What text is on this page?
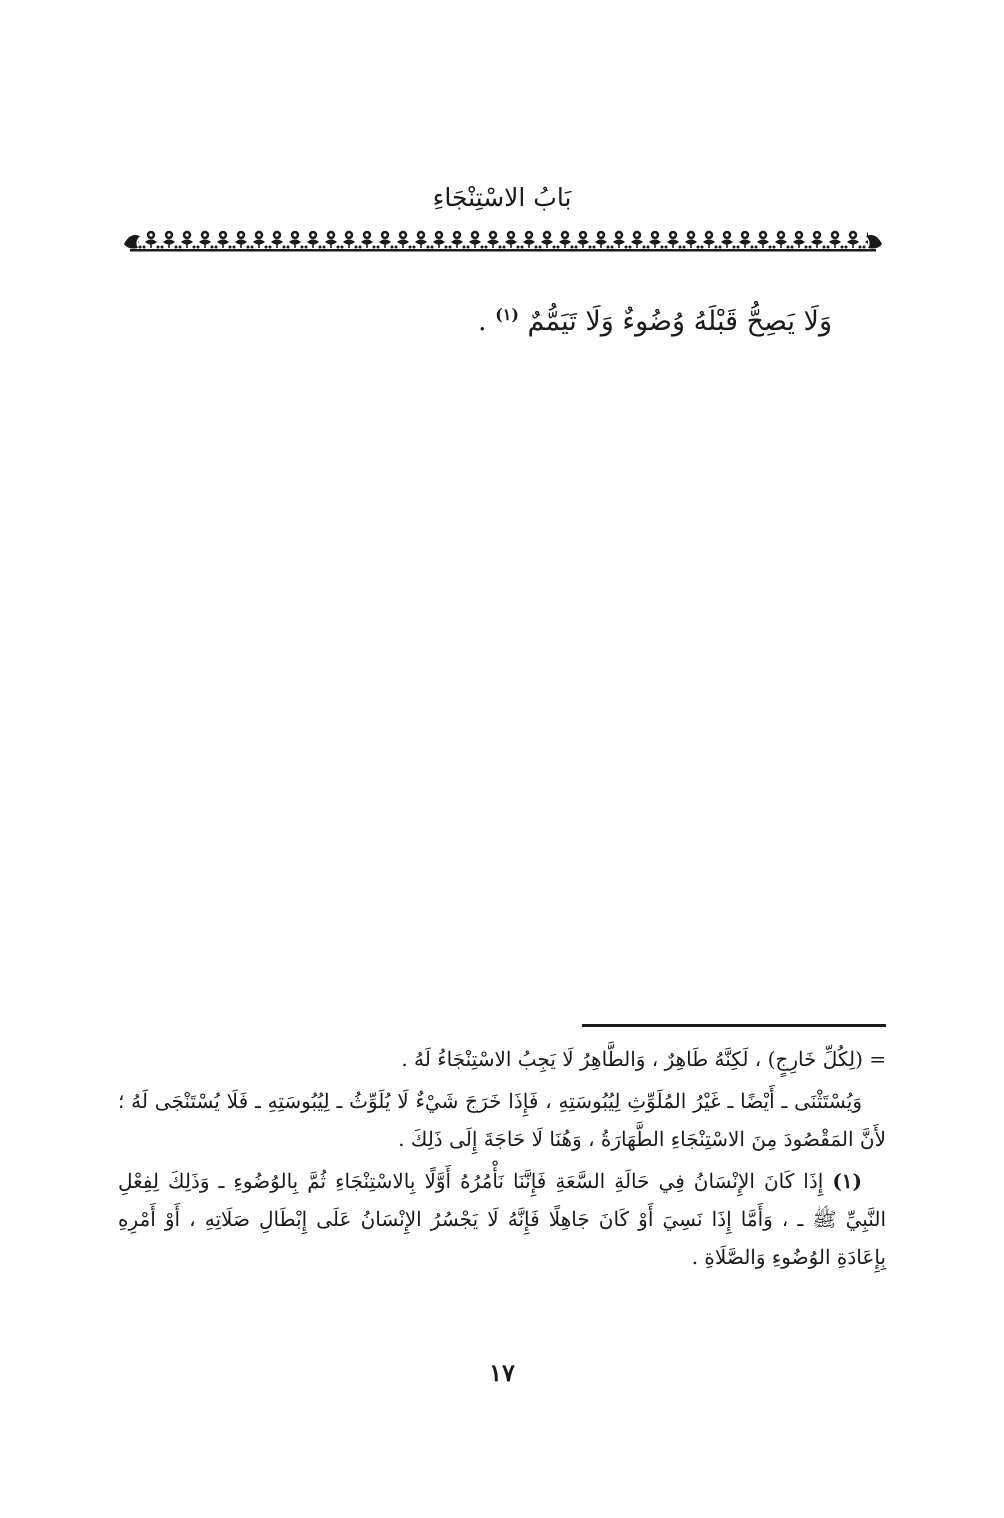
بَابُ الاسْتِنْجَاءِ
وَلَا يَصِحُّ قَبْلَهُ وُضُوءٌ وَلَا تَيَمُّمٌ $^{(١)}$ .

= (لِكُلِّ خَارِجٍ) ، لَكِنَّهُ طَاهِرٌ ، وَالطَّاهِرُ لَا يَجِبُ الاسْتِنْجَاءُ لَهُ .

وَيُسْتَثْنَى ـ أَيْضًا ـ غَيْرُ المُلَوِّثِ لِيُبُوسَتِهِ ، فَإِذَا خَرَجَ شَيْءٌ لَا يُلَوِّثُ ـ لِيُبُوسَتِهِ ـ فَلَا يُسْتَنْجَى لَهُ ؛ لأَنَّ المَقْصُودَ مِنَ الاسْتِنْجَاءِ الطَّهَارَةُ ، وَهُنَا لَا حَاجَةَ إِلَى ذَلِكَ .

(١) إِذَا كَانَ الإِنْسَانُ فِي حَالَةِ السَّعَةِ فَإِنَّنَا نَأْمُرُهُ أَوَّلًا بِالاسْتِنْجَاءِ ثُمَّ بِالوُضُوءِ ـ وَذَلِكَ لِفِعْلِ النَّبِيِّ ﷺ ـ ، وَأَمَّا إِذَا نَسِيَ أَوْ كَانَ جَاهِلًا فَإِنَّهُ لَا يَجْسُرُ الإِنْسَانُ عَلَى إِبْطَالِ صَلَاتِهِ ، أَوْ أَمْرِهِ بِإِعَادَةِ الوُضُوءِ وَالصَّلَاةِ .

١٧
